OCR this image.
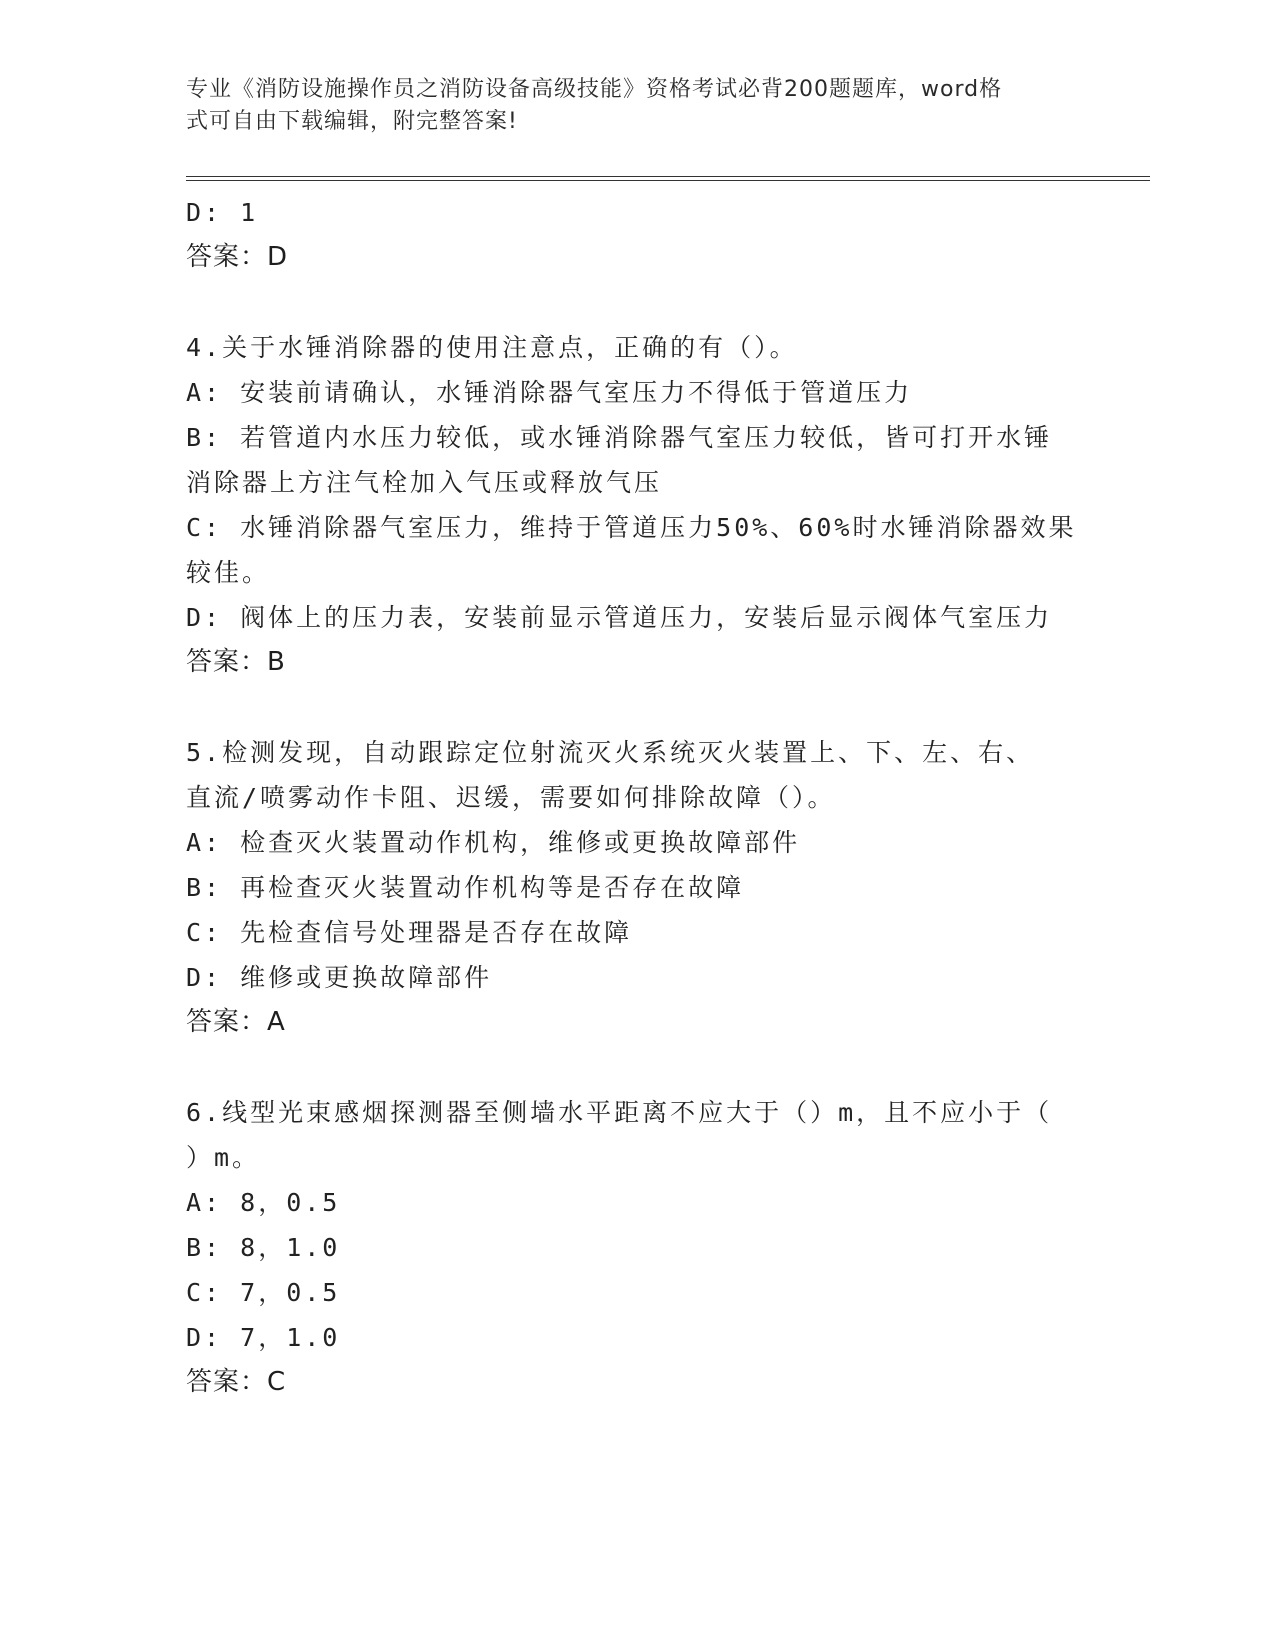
专业《消防设施操作员之消防设备高级技能》资格考试必背200题题库，word格
式可自由下载编辑，附完整答案!
D: 1
答案：D
4.关于水锤消除器的使用注意点，正确的有（）。
A: 安装前请确认，水锤消除器气室压力不得低于管道压力
B: 若管道内水压力较低，或水锤消除器气室压力较低，皆可打开水锤
消除器上方注气栓加入气压或释放气压
C: 水锤消除器气室压力，维持于管道压力50%、60%时水锤消除器效果
较佳。
D: 阀体上的压力表，安装前显示管道压力，安装后显示阀体气室压力
答案：B
5.检测发现，自动跟踪定位射流灭火系统灭火装置上、下、左、右、
直流/喷雾动作卡阻、迟缓，需要如何排除故障（）。
A: 检查灭火装置动作机构，维修或更换故障部件
B: 再检查灭火装置动作机构等是否存在故障
C: 先检查信号处理器是否存在故障
D: 维修或更换故障部件
答案：A
6.线型光束感烟探测器至侧墙水平距离不应大于（）m，且不应小于（
）m。
A: 8，0.5
B: 8，1.0
C: 7，0.5
D: 7，1.0
答案：C
